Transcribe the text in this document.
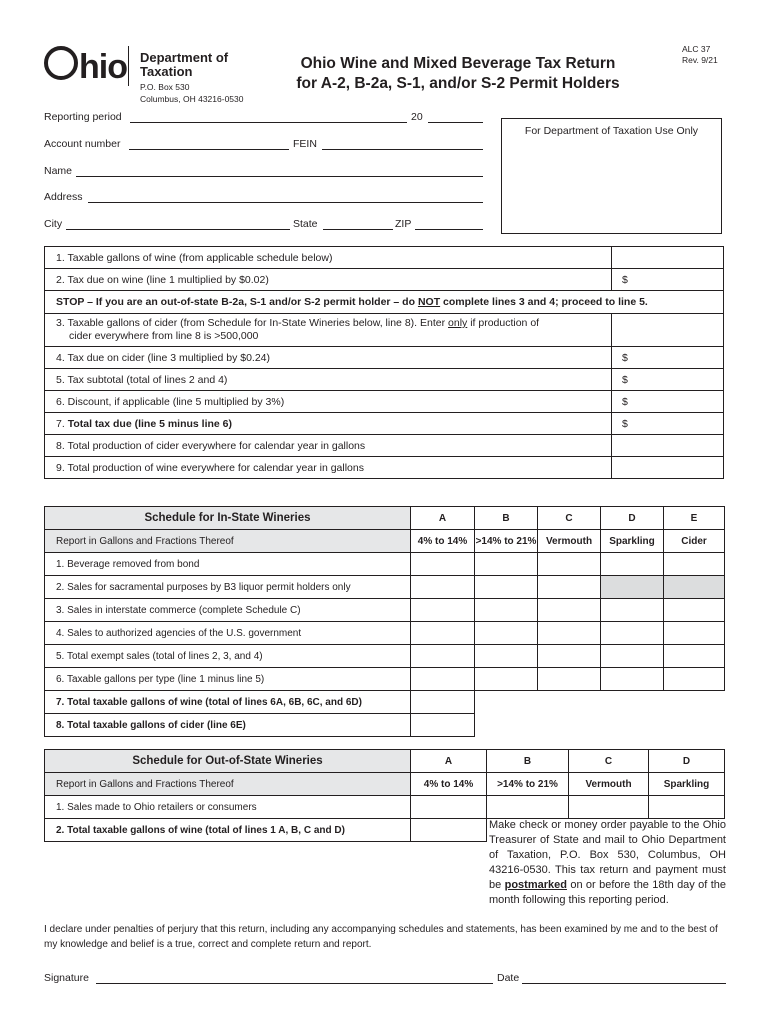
hio Department of
Taxation
P.O. Box 530
Columbus, OH 43216-0530
Ohio Wine and Mixed Beverage Tax Return
for A-2, B-2a, S-1, and/or S-2 Permit Holders
ALC 37
Rev. 9/21
Reporting period	20
Account number	FEIN
Name
Address
City	State	ZIP
For Department of Taxation Use Only
1. Taxable gallons of wine (from applicable schedule below)	
2. Tax due on wine (line 1 multiplied by $0.02)	$
STOP – If you are an out-of-state B-2a, S-1 and/or S-2 permit holder – do NOT complete lines 3 and 4; proceed to line 5.	
3. Taxable gallons of cider (from Schedule for In-State Wineries below, line 8). Enter only if production of
cider everywhere from line 8 is >500,000	
4. Tax due on cider (line 3 multiplied by $0.24)	$
5. Tax subtotal (total of lines 2 and 4)	$
6. Discount, if applicable (line 5 multiplied by 3%)	$
7. Total tax due (line 5 minus line 6)	$
8. Total production of cider everywhere for calendar year in gallons	
9. Total production of wine everywhere for calendar year in gallons	
Schedule for In-State Wineries	A	B	C	D	E
Report in Gallons and Fractions Thereof	4% to 14%	>14% to 21%	Vermouth	Sparkling	Cider
1. Beverage removed from bond					
2. Sales for sacramental purposes by B3 liquor permit holders only					
3. Sales in interstate commerce (complete Schedule C)					
4. Sales to authorized agencies of the U.S. government					
5. Total exempt sales (total of lines 2, 3, and 4)					
6. Taxable gallons per type (line 1 minus line 5)					
7. Total taxable gallons of wine (total of lines 6A, 6B, 6C, and 6D)					
8. Total taxable gallons of cider (line 6E)					
Schedule for Out-of-State Wineries	A	B	C	D
Report in Gallons and Fractions Thereof	4% to 14%	>14% to 21%	Vermouth	Sparkling
1. Sales made to Ohio retailers or consumers				
2. Total taxable gallons of wine (total of lines 1 A, B, C and D)					Make check or money order payable to the Ohio Treasurer of State and mail to Ohio Department of Taxation, P.O. Box 530, Columbus, OH 43216-0530. This tax return and payment must be postmarked on or before the 18th day of the month following this reporting period.
I declare under penalties of perjury that this return, including any accompanying schedules and statements, has been examined by me and to the best of my knowledge and belief is a true, correct and complete return and report.
Signature	Date
